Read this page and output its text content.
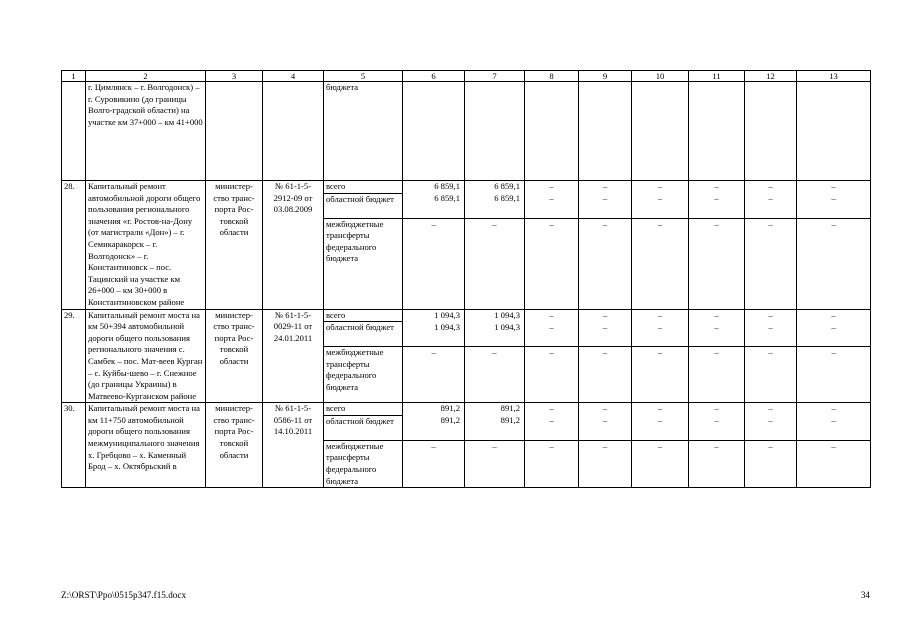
1	2	3	4	5	6	7	8	9	10	11	12	13
	г. Цимлянск – г. Волгодонск) – г. Суровикино (до границы Волго-градской области) на участке км 37+000 – км 41+000			бюджета								
28.	Капитальный ремонт автомобильной дороги общего пользования регионального значения «г. Ростов-на-Дону (от магистрали «Дон») – г. Семикаракорск – г. Волгодонск» – г. Константиновск – пос. Тацинский на участке км 26+000 – км 30+000 в Константиновском районе	министер-ство транс-порта Рос-товской области	№ 61-1-5-2912-09 от 03.08.2009	всего	6 859,1	6 859,1	–	–	–	–	–	–
				областной бюджет	6 859,1	6 859,1	–	–	–	–	–	–
				межбюджетные трансферты федерального бюджета	–	–	–	–	–	–	–	–
29.	Капитальный ремонт моста на км 50+394 автомобильной дороги общего пользования регионального значения с. Самбек – пос. Мат-веев Курган – с. Куйбы-шево – г. Снежное (до границы Украины) в Матвеево-Курганском районе	министер-ство транс-порта Рос-товской области	№ 61-1-5-0029-11 от 24.01.2011	всего	1 094,3	1 094,3	–	–	–	–	–	–
				областной бюджет	1 094,3	1 094,3	–	–	–	–	–	–
				межбюджетные трансферты федерального бюджета	–	–	–	–	–	–	–	–
30.	Капитальный ремонт моста на км 11+750 автомобильной дороги общего пользования межмуниципального значения х. Гребцово – х. Каменный Брод – х. Октябрьский в	министер-ство транс-порта Рос-товской области	№ 61-1-5-0586-11 от 14.10.2011	всего	891,2	891,2	–	–	–	–	–	–
				областной бюджет	891,2	891,2	–	–	–	–	–	–
				межбюджетные трансферты федерального бюджета	–	–	–	–	–	–	–	–
Z:\ORST\Ppo\0515p347.f15.docx	34
